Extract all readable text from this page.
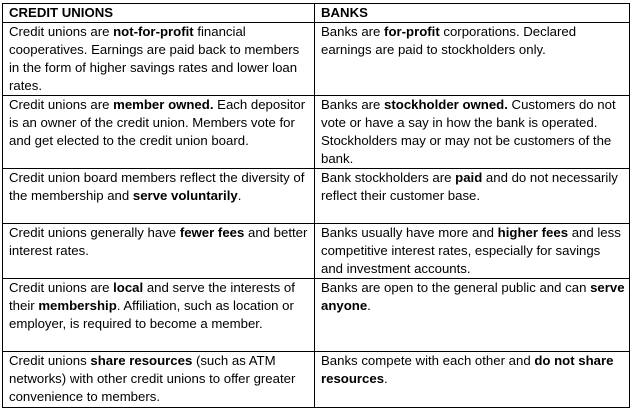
CREDIT UNIONS	BANKS
Credit unions are not-for-profit financial cooperatives. Earnings are paid back to members in the form of higher savings rates and lower loan rates.	Banks are for-profit corporations. Declared earnings are paid to stockholders only.
Credit unions are member owned. Each depositor is an owner of the credit union. Members vote for and get elected to the credit union board.	Banks are stockholder owned. Customers do not vote or have a say in how the bank is operated. Stockholders may or may not be customers of the bank.
Credit union board members reflect the diversity of the membership and serve voluntarily.	Bank stockholders are paid and do not necessarily reflect their customer base.
Credit unions generally have fewer fees and better interest rates.	Banks usually have more and higher fees and less competitive interest rates, especially for savings and investment accounts.
Credit unions are local and serve the interests of their membership. Affiliation, such as location or employer, is required to become a member.	Banks are open to the general public and can serve anyone.
Credit unions share resources (such as ATM networks) with other credit unions to offer greater convenience to members.	Banks compete with each other and do not share resources.
